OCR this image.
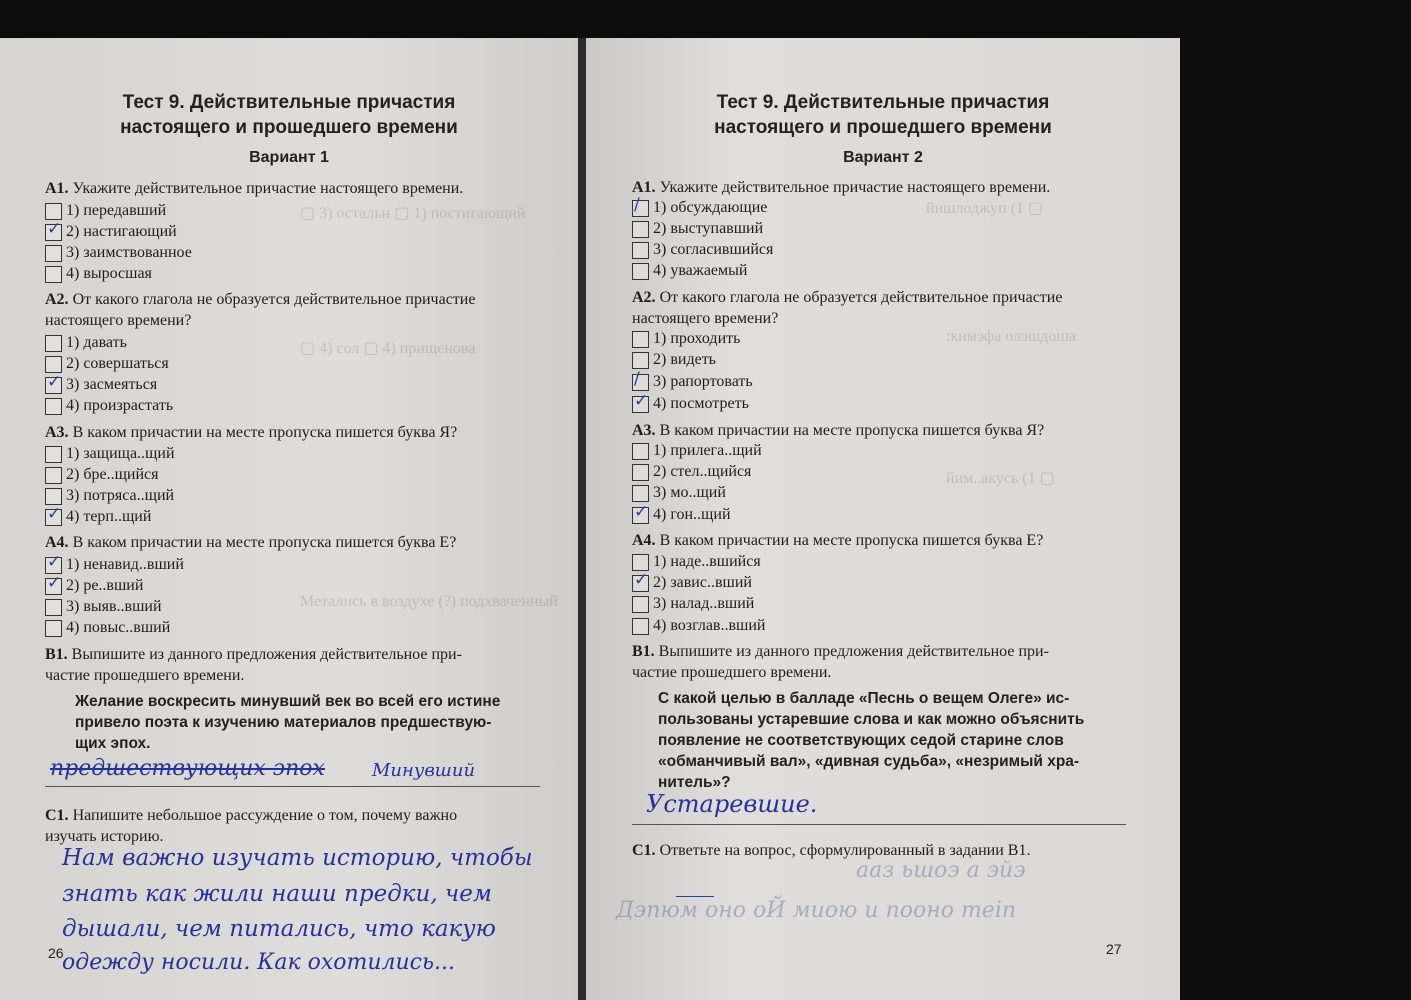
▢ 3) остальн ▢ 1) постигающий
▢ 4) сол ▢ 4) прищенова
Метались в воздухе (?) подхваченный
Тест 9. Действительные причастия
настоящего и прошедшего времени
Вариант 1
А1. Укажите действительное причастие настоящего времени.
1) передавший
✓ 2) настигающий
3) заимствованное
4) выросшая
А2. От какого глагола не образуется действительное причастие
настоящего времени?
1) давать
2) совершаться
✓ 3) засмеяться
4) произрастать
А3. В каком причастии на месте пропуска пишется буква Я?
1) защища..щий
2) бре..щийся
3) потряса..щий
✓ 4) терп..щий
А4. В каком причастии на месте пропуска пишется буква Е?
✓ 1) ненавид..вший
✓ 2) ре..вший
3) выяв..вший
4) повыс..вший
В1. Выпишите из данного предложения действительное при-
частие прошедшего времени.
Желание воскресить минувший век во всей его истине
привело поэта к изучению материалов предшествую-
щих эпох.
предшествующих эпох	Минувший
С1. Напишите небольшое рассуждение о том, почему важно
изучать историю.
Нам важно изучать историю, чтобы
знать как жили наши предки, чем
дышали, чем питались, что какую
одежду носили. Как охотились...
26
йишлоджуп (1 ▢
:кимэфа олэшдоша
йим..акусь (1 ▢
ааз ьшоэ а эйэ
Дэпюм оно оЙ миою и пооно mein
Тест 9. Действительные причастия
настоящего и прошедшего времени
Вариант 2
А1. Укажите действительное причастие настоящего времени.
/ 1) обсуждающие
2) выступавший
3) согласившийся
4) уважаемый
А2. От какого глагола не образуется действительное причастие
настоящего времени?
1) проходить
2) видеть
/ 3) рапортовать
✓ 4) посмотреть
А3. В каком причастии на месте пропуска пишется буква Я?
1) прилега..щий
2) стел..щийся
3) мо..щий
✓ 4) гон..щий
А4. В каком причастии на месте пропуска пишется буква Е?
1) наде..вшийся
✓ 2) завис..вший
3) налад..вший
4) возглав..вший
В1. Выпишите из данного предложения действительное при-
частие прошедшего времени.
С какой целью в балладе «Песнь о вещем Олеге» ис-
пользованы устаревшие слова и как можно объяснить
появление не соответствующих седой старине слов
«обманчивый вал», «дивная судьба», «незримый хра-
нитель»?
Устаревшие.
С1. Ответьте на вопрос, сформулированный в задании В1.
27
